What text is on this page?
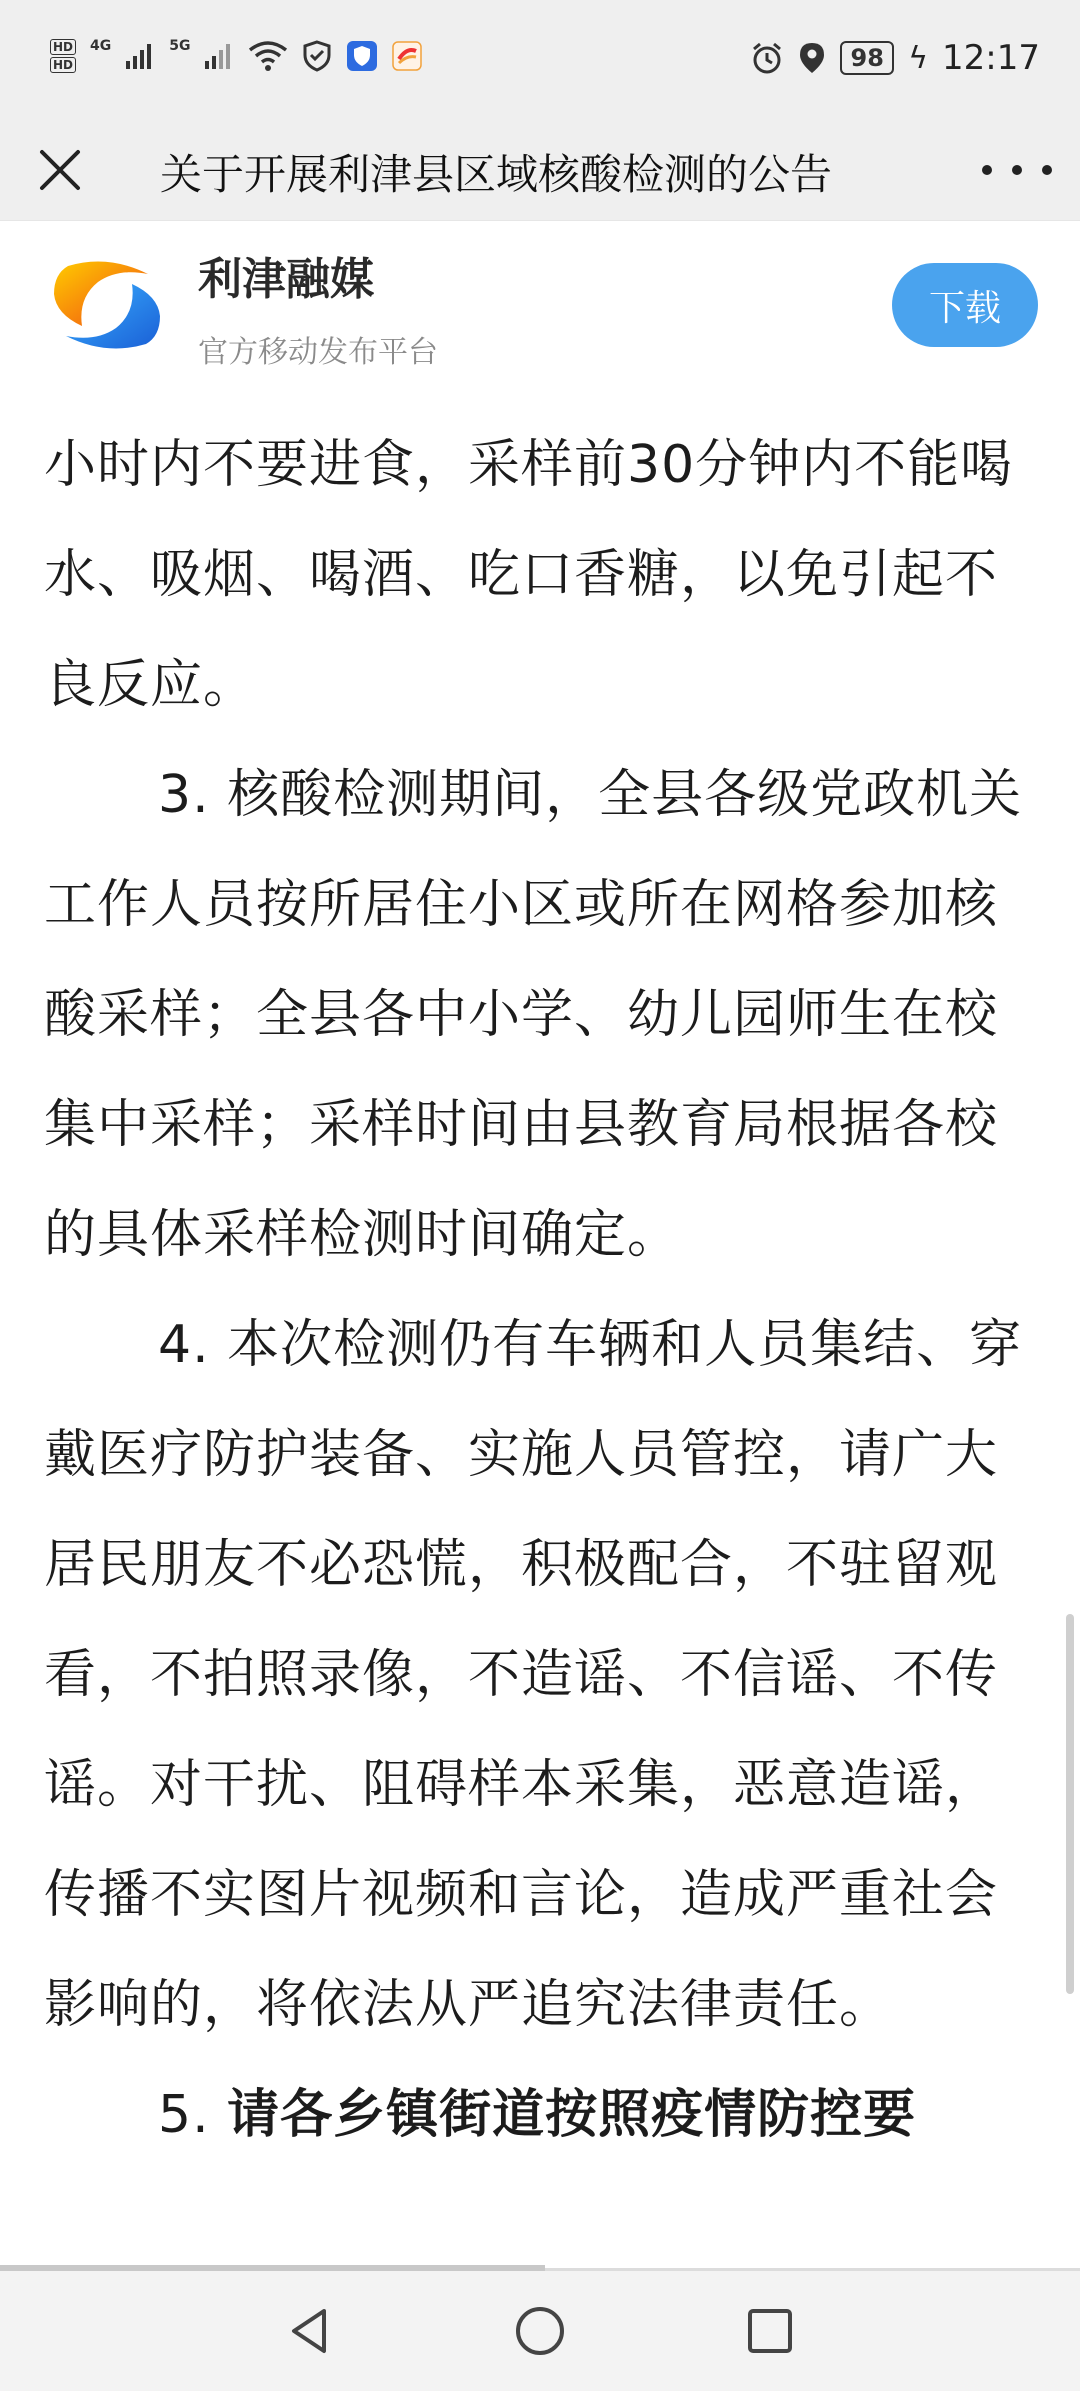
HD
HD
4G	5G	98 ϟ 12:17
关于开展利津县区域核酸检测的公告
利津融媒
官方移动发布平台
下载

小时内不要进食，采样前30分钟内不能喝水、吸烟、喝酒、吃口香糖，以免引起不良反应。

3. 核酸检测期间，全县各级党政机关工作人员按所居住小区或所在网格参加核酸采样；全县各中小学、幼儿园师生在校集中采样；采样时间由县教育局根据各校的具体采样检测时间确定。

4. 本次检测仍有车辆和人员集结、穿戴医疗防护装备、实施人员管控，请广大居民朋友不必恐慌，积极配合，不驻留观看，不拍照录像，不造谣、不信谣、不传谣。对干扰、阻碍样本采集，恶意造谣，传播不实图片视频和言论，造成严重社会影响的，将依法从严追究法律责任。

5. 请各乡镇街道按照疫情防控要
